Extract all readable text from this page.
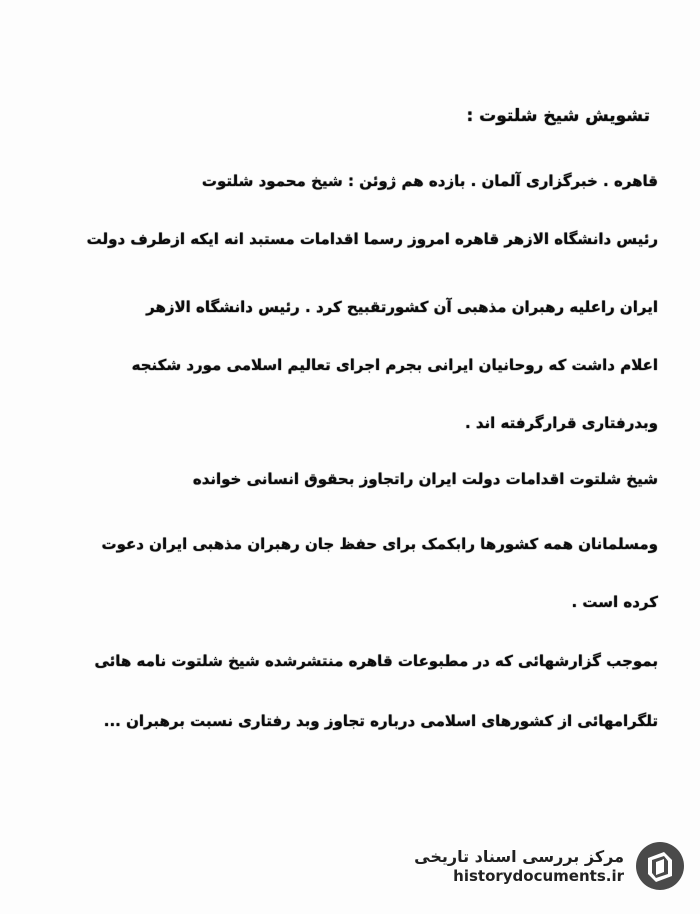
تشویش شیخ شلتوت :
قاهره . خبرگزاری آلمان . بازده هم ژوئن : شیخ محمود شلتوت
رئیس دانشگاه الازهر قاهره امروز رسما اقدامات مستبد انه ایکه ازطرف دولت
ایران راعلیه رهبران مذهبی آن کشورتقبیح کرد . رئیس دانشگاه الازهر
اعلام داشت که روحانیان ایرانی بجرم اجرای تعالیم اسلامی مورد شکنجه
وبدرفتاری قرارگرفته اند .
شیخ شلتوت اقدامات دولت ایران راتجاوز بحقوق انسانی خوانده
ومسلمانان همه کشورها رابکمک برای حفظ جان رهبران مذهبی ایران دعوت
کرده است .
بموجب گزارشهائی که در مطبوعات قاهره منتشرشده شیخ شلتوت نامه هائی
تلگرامهائی از کشورهای اسلامی درباره تجاوز وبد رفتاری نسبت برهبران ...
مرکز بررسی اسناد تاریخی
historydocuments.ir
